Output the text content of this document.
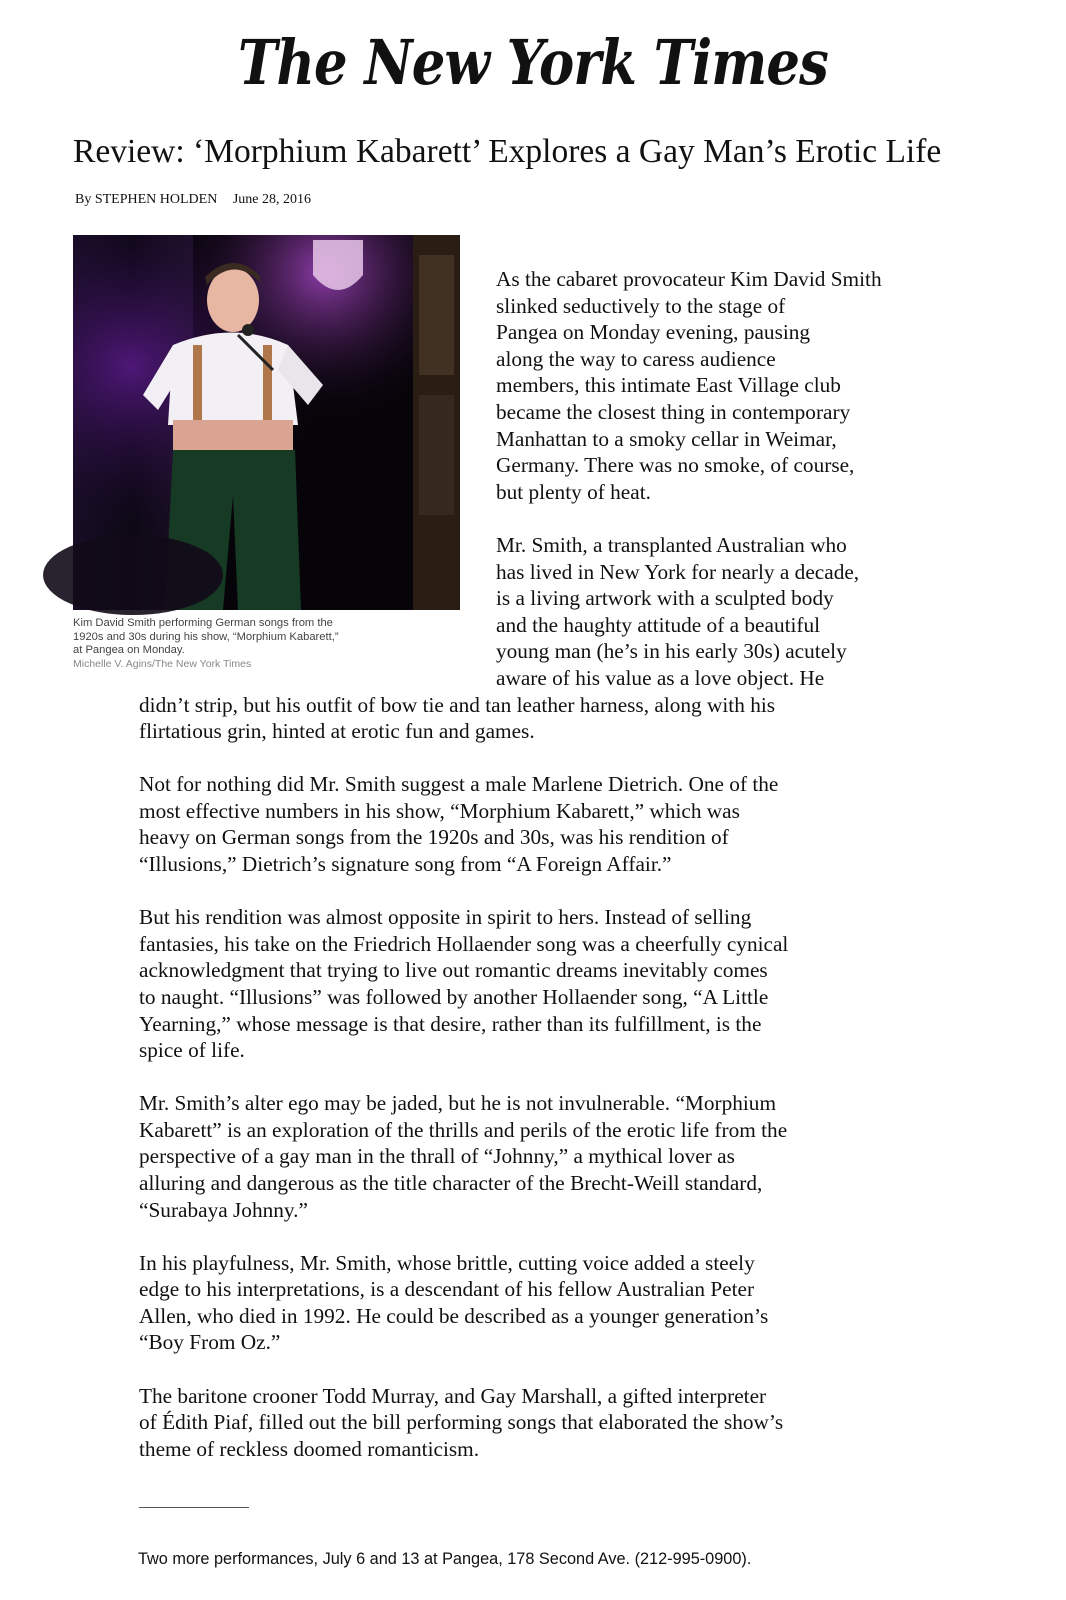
The New York Times
Review: ‘Morphium Kabarett’ Explores a Gay Man’s Erotic Life
By STEPHEN HOLDEN June 28, 2016
Kim David Smith performing German songs from the
1920s and 30s during his show, “Morphium Kabarett,”
at Pangea on Monday.
Michelle V. Agins/The New York Times
As the cabaret provocateur Kim David Smith
slinked seductively to the stage of
Pangea on Monday evening, pausing
along the way to caress audience
members, this intimate East Village club
became the closest thing in contemporary
Manhattan to a smoky cellar in Weimar,
Germany. There was no smoke, of course,
but plenty of heat.
Mr. Smith, a transplanted Australian who
has lived in New York for nearly a decade,
is a living artwork with a sculpted body
and the haughty attitude of a beautiful
young man (he’s in his early 30s) acutely
aware of his value as a love object. He
didn’t strip, but his outfit of bow tie and tan leather harness, along with his
flirtatious grin, hinted at erotic fun and games.
Not for nothing did Mr. Smith suggest a male Marlene Dietrich. One of the
most effective numbers in his show, “Morphium Kabarett,” which was
heavy on German songs from the 1920s and 30s, was his rendition of
“Illusions,” Dietrich’s signature song from “A Foreign Affair.”
But his rendition was almost opposite in spirit to hers. Instead of selling
fantasies, his take on the Friedrich Hollaender song was a cheerfully cynical
acknowledgment that trying to live out romantic dreams inevitably comes
to naught. “Illusions” was followed by another Hollaender song, “A Little
Yearning,” whose message is that desire, rather than its fulfillment, is the
spice of life.
Mr. Smith’s alter ego may be jaded, but he is not invulnerable. “Morphium
Kabarett” is an exploration of the thrills and perils of the erotic life from the
perspective of a gay man in the thrall of “Johnny,” a mythical lover as
alluring and dangerous as the title character of the Brecht-Weill standard,
“Surabaya Johnny.”
In his playfulness, Mr. Smith, whose brittle, cutting voice added a steely
edge to his interpretations, is a descendant of his fellow Australian Peter
Allen, who died in 1992. He could be described as a younger generation’s
“Boy From Oz.”
The baritone crooner Todd Murray, and Gay Marshall, a gifted interpreter
of Édith Piaf, filled out the bill performing songs that elaborated the show’s
theme of reckless doomed romanticism.
Two more performances, July 6 and 13 at Pangea, 178 Second Ave. (212-995-0900).
